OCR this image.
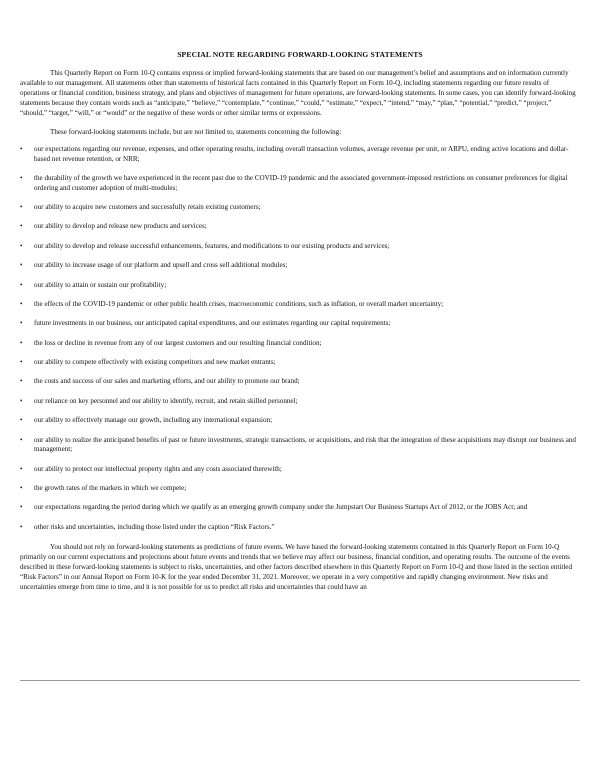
SPECIAL NOTE REGARDING FORWARD-LOOKING STATEMENTS

This Quarterly Report on Form 10-Q contains express or implied forward-looking statements that are based on our management’s belief and assumptions and on information currently available to our management. All statements other than statements of historical facts contained in this Quarterly Report on Form 10-Q, including statements regarding our future results of operations or financial condition, business strategy, and plans and objectives of management for future operations, are forward-looking statements. In some cases, you can identify forward-looking statements because they contain words such as “anticipate,” “believe,” “contemplate,” “continue,” “could,” “estimate,” “expect,” “intend,” “may,” “plan,” “potential,” “predict,” “project,” “should,” “target,” “will,” or “would” or the negative of these words or other similar terms or expressions.

These forward-looking statements include, but are not limited to, statements concerning the following:

• our expectations regarding our revenue, expenses, and other operating results, including overall transaction volumes, average revenue per unit, or ARPU, ending active locations and dollar-based net revenue retention, or NRR;
• the durability of the growth we have experienced in the recent past due to the COVID-19 pandemic and the associated government-imposed restrictions on consumer preferences for digital ordering and customer adoption of multi-modules;
• our ability to acquire new customers and successfully retain existing customers;
• our ability to develop and release new products and services;
• our ability to develop and release successful enhancements, features, and modifications to our existing products and services;
• our ability to increase usage of our platform and upsell and cross sell additional modules;
• our ability to attain or sustain our profitability;
• the effects of the COVID-19 pandemic or other public health crises, macroeconomic conditions, such as inflation, or overall market uncertainty;
• future investments in our business, our anticipated capital expenditures, and our estimates regarding our capital requirements;
• the loss or decline in revenue from any of our largest customers and our resulting financial condition;
• our ability to compete effectively with existing competitors and new market entrants;
• the costs and success of our sales and marketing efforts, and our ability to promote our brand;
• our reliance on key personnel and our ability to identify, recruit, and retain skilled personnel;
• our ability to effectively manage our growth, including any international expansion;
• our ability to realize the anticipated benefits of past or future investments, strategic transactions, or acquisitions, and risk that the integration of these acquisitions may disrupt our business and management;
• our ability to protect our intellectual property rights and any costs associated therewith;
• the growth rates of the markets in which we compete;
• our expectations regarding the period during which we qualify as an emerging growth company under the Jumpstart Our Business Startups Act of 2012, or the JOBS Act; and
• other risks and uncertainties, including those listed under the caption “Risk Factors.”

You should not rely on forward-looking statements as predictions of future events. We have based the forward-looking statements contained in this Quarterly Report on Form 10-Q primarily on our current expectations and projections about future events and trends that we believe may affect our business, financial condition, and operating results. The outcome of the events described in these forward-looking statements is subject to risks, uncertainties, and other factors described elsewhere in this Quarterly Report on Form 10-Q and those listed in the section entitled “Risk Factors” in our Annual Report on Form 10-K for the year ended December 31, 2021. Moreover, we operate in a very competitive and rapidly changing environment. New risks and uncertainties emerge from time to time, and it is not possible for us to predict all risks and uncertainties that could have an
